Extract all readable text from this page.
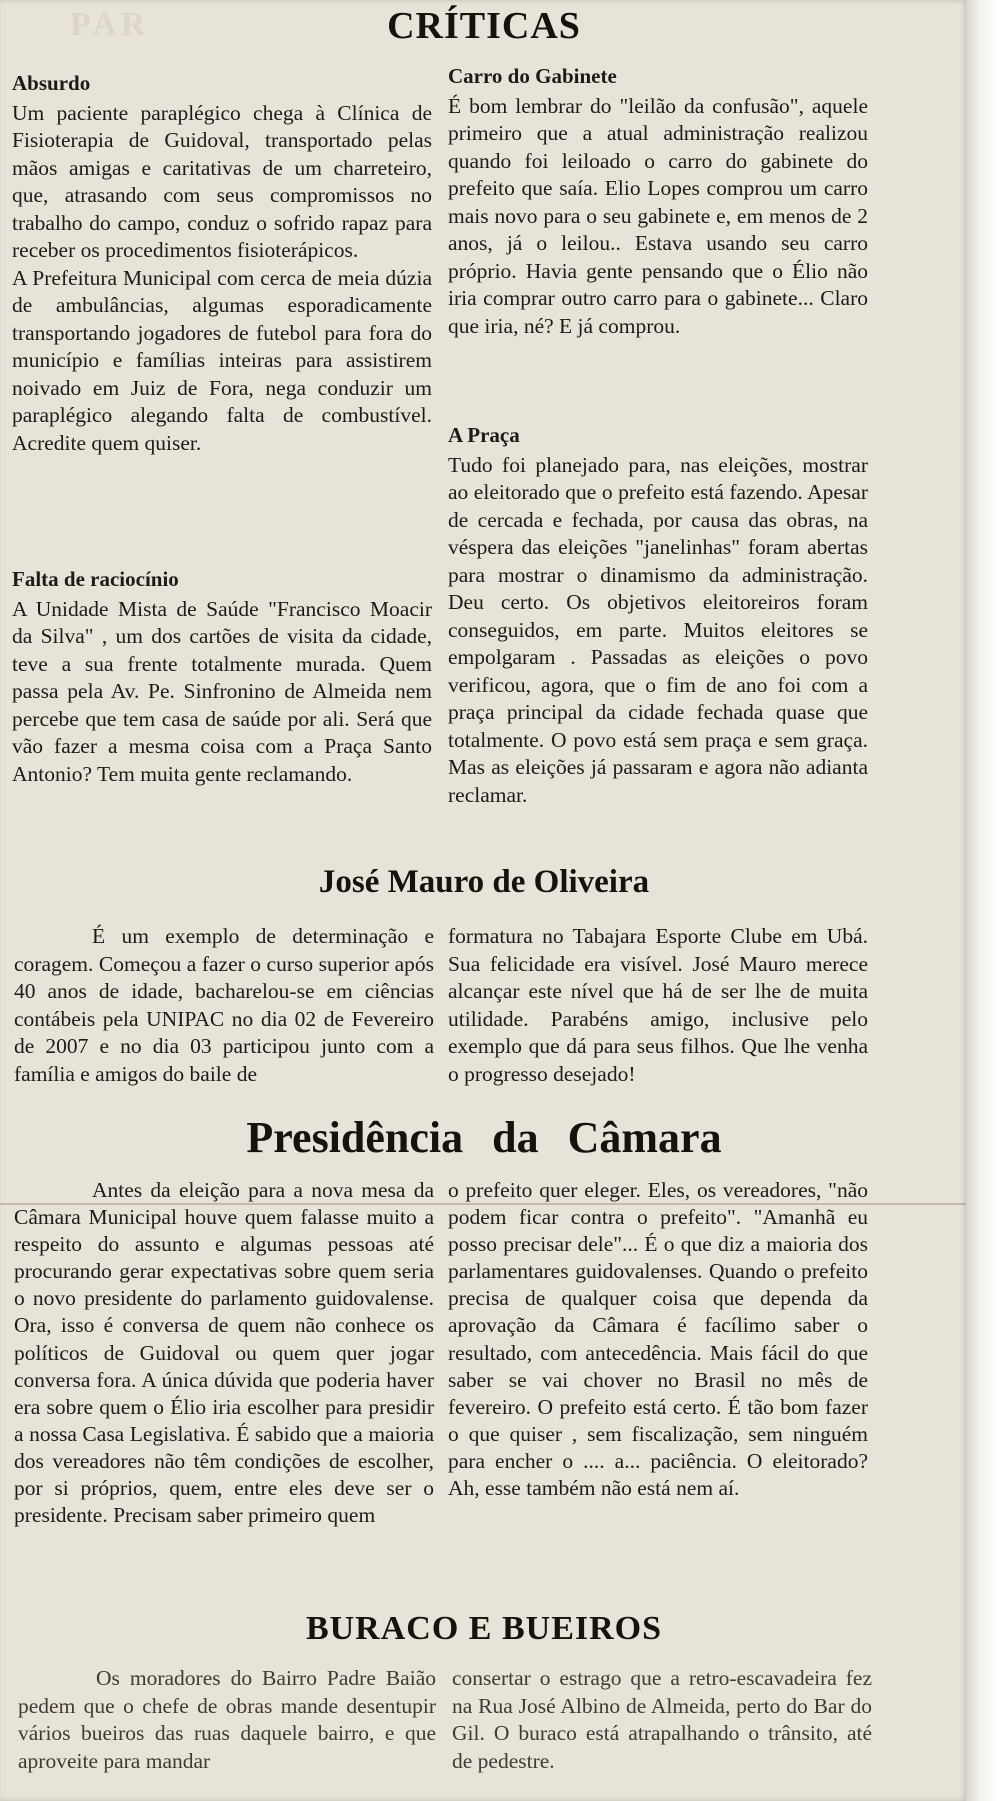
PAR	CRÍTICAS
Absurdo

Um paciente paraplégico chega à Clínica de Fisioterapia de Guidoval, transportado pelas mãos amigas e caritativas de um charreteiro, que, atrasando com seus compromissos no trabalho do campo, conduz o sofrido rapaz para receber os procedimentos fisioterápicos.

A Prefeitura Municipal com cerca de meia dúzia de ambulâncias, algumas esporadicamente transportando jogadores de futebol para fora do município e famílias inteiras para assistirem noivado em Juiz de Fora, nega conduzir um paraplégico alegando falta de combustível. Acredite quem quiser.

Falta de raciocínio

A Unidade Mista de Saúde "Francisco Moacir da Silva" , um dos cartões de visita da cidade, teve a sua frente totalmente murada. Quem passa pela Av. Pe. Sinfronino de Almeida nem percebe que tem casa de saúde por ali. Será que vão fazer a mesma coisa com a Praça Santo Antonio? Tem muita gente reclamando.

Carro do Gabinete

É bom lembrar do "leilão da confusão", aquele primeiro que a atual administração realizou quando foi leiloado o carro do gabinete do prefeito que saía. Elio Lopes comprou um carro mais novo para o seu gabinete e, em menos de 2 anos, já o leilou.. Estava usando seu carro próprio. Havia gente pensando que o Élio não iria comprar outro carro para o gabinete... Claro que iria, né? E já comprou.

A Praça

Tudo foi planejado para, nas eleições, mostrar ao eleitorado que o prefeito está fazendo. Apesar de cercada e fechada, por causa das obras, na véspera das eleições "janelinhas" foram abertas para mostrar o dinamismo da administração. Deu certo. Os objetivos eleitoreiros foram conseguidos, em parte. Muitos eleitores se empolgaram . Passadas as eleições o povo verificou, agora, que o fim de ano foi com a praça principal da cidade fechada quase que totalmente. O povo está sem praça e sem graça. Mas as eleições já passaram e agora não adianta reclamar.

José Mauro de Oliveira

É um exemplo de determinação e coragem. Começou a fazer o curso superior após 40 anos de idade, bacharelou-se em ciências contábeis pela UNIPAC no dia 02 de Fevereiro de 2007 e no dia 03 participou junto com a família e amigos do baile de

formatura no Tabajara Esporte Clube em Ubá. Sua felicidade era visível. José Mauro merece alcançar este nível que há de ser lhe de muita utilidade. Parabéns amigo, inclusive pelo exemplo que dá para seus filhos. Que lhe venha o progresso desejado!

Presidência da Câmara

Antes da eleição para a nova mesa da Câmara Municipal houve quem falasse muito a respeito do assunto e algumas pessoas até procurando gerar expectativas sobre quem seria o novo presidente do parlamento guidovalense. Ora, isso é conversa de quem não conhece os políticos de Guidoval ou quem quer jogar conversa fora. A única dúvida que poderia haver era sobre quem o Élio iria escolher para presidir a nossa Casa Legislativa. É sabido que a maioria dos vereadores não têm condições de escolher, por si próprios, quem, entre eles deve ser o presidente. Precisam saber primeiro quem

o prefeito quer eleger. Eles, os vereadores, "não podem ficar contra o prefeito". "Amanhã eu posso precisar dele"... É o que diz a maioria dos parlamentares guidovalenses. Quando o prefeito precisa de qualquer coisa que dependa da aprovação da Câmara é facílimo saber o resultado, com antecedência. Mais fácil do que saber se vai chover no Brasil no mês de fevereiro. O prefeito está certo. É tão bom fazer o que quiser , sem fiscalização, sem ninguém para encher o .... a... paciência. O eleitorado? Ah, esse também não está nem aí.

BURACO E BUEIROS

Os moradores do Bairro Padre Baião pedem que o chefe de obras mande desentupir vários bueiros das ruas daquele bairro, e que aproveite para mandar

consertar o estrago que a retro-escavadeira fez na Rua José Albino de Almeida, perto do Bar do Gil. O buraco está atrapalhando o trânsito, até de pedestre.
